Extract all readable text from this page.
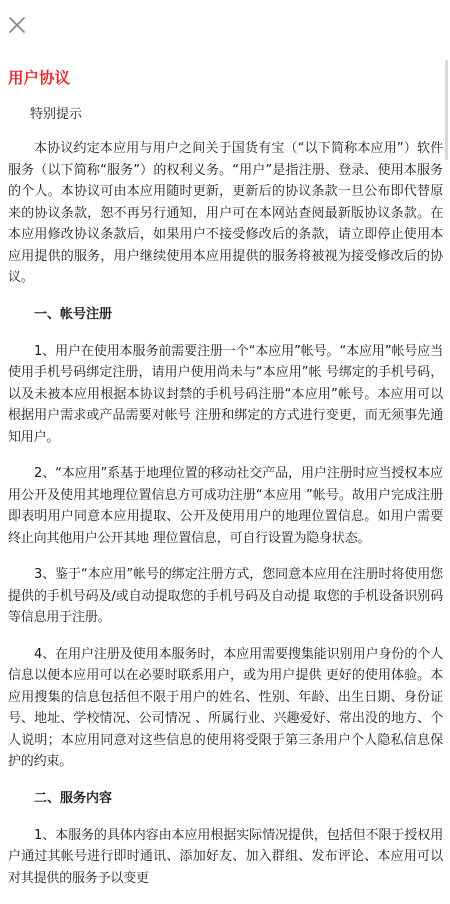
用户协议
特别提示

本协议约定本应用与用户之间关于国货有宝（“以下简称本应用”）软件服务（以下简称“服务”）的权利义务。“用户”是指注册、登录、使用本服务的个人。本协议可由本应用随时更新，更新后的协议条款一旦公布即代替原来的协议条款，恕不再另行通知，用户可在本网站查阅最新版协议条款。在本应用修改协议条款后，如果用户不接受修改后的条款，请立即停止使用本应用提供的服务，用户继续使用本应用提供的服务将被视为接受修改后的协议。

一、帐号注册

1、用户在使用本服务前需要注册一个“本应用”帐号。“本应用”帐号应当使用手机号码绑定注册，请用户使用尚未与“本应用”帐 号绑定的手机号码，以及未被本应用根据本协议封禁的手机号码注册“本应用”帐号。本应用可以根据用户需求或产品需要对帐号 注册和绑定的方式进行变更，而无须事先通知用户。

2、“本应用”系基于地理位置的移动社交产品，用户注册时应当授权本应用公开及使用其地理位置信息方可成功注册“本应用 ”帐号。故用户完成注册即表明用户同意本应用提取、公开及使用用户的地理位置信息。如用户需要终止向其他用户公开其地 理位置信息，可自行设置为隐身状态。

3、鉴于“本应用”帐号的绑定注册方式，您同意本应用在注册时将使用您提供的手机号码及/或自动提取您的手机号码及自动提 取您的手机设备识别码等信息用于注册。

4、在用户注册及使用本服务时，本应用需要搜集能识别用户身份的个人信息以便本应用可以在必要时联系用户，或为用户提供 更好的使用体验。本应用搜集的信息包括但不限于用户的姓名、性别、年龄、出生日期、身份证号、地址、学校情况、公司情况 、所属行业、兴趣爱好、常出没的地方、个人说明；本应用同意对这些信息的使用将受限于第三条用户个人隐私信息保护的约束。

二、服务内容

1、本服务的具体内容由本应用根据实际情况提供，包括但不限于授权用户通过其帐号进行即时通讯、添加好友、加入群组、发布评论、本应用可以对其提供的服务予以变更
